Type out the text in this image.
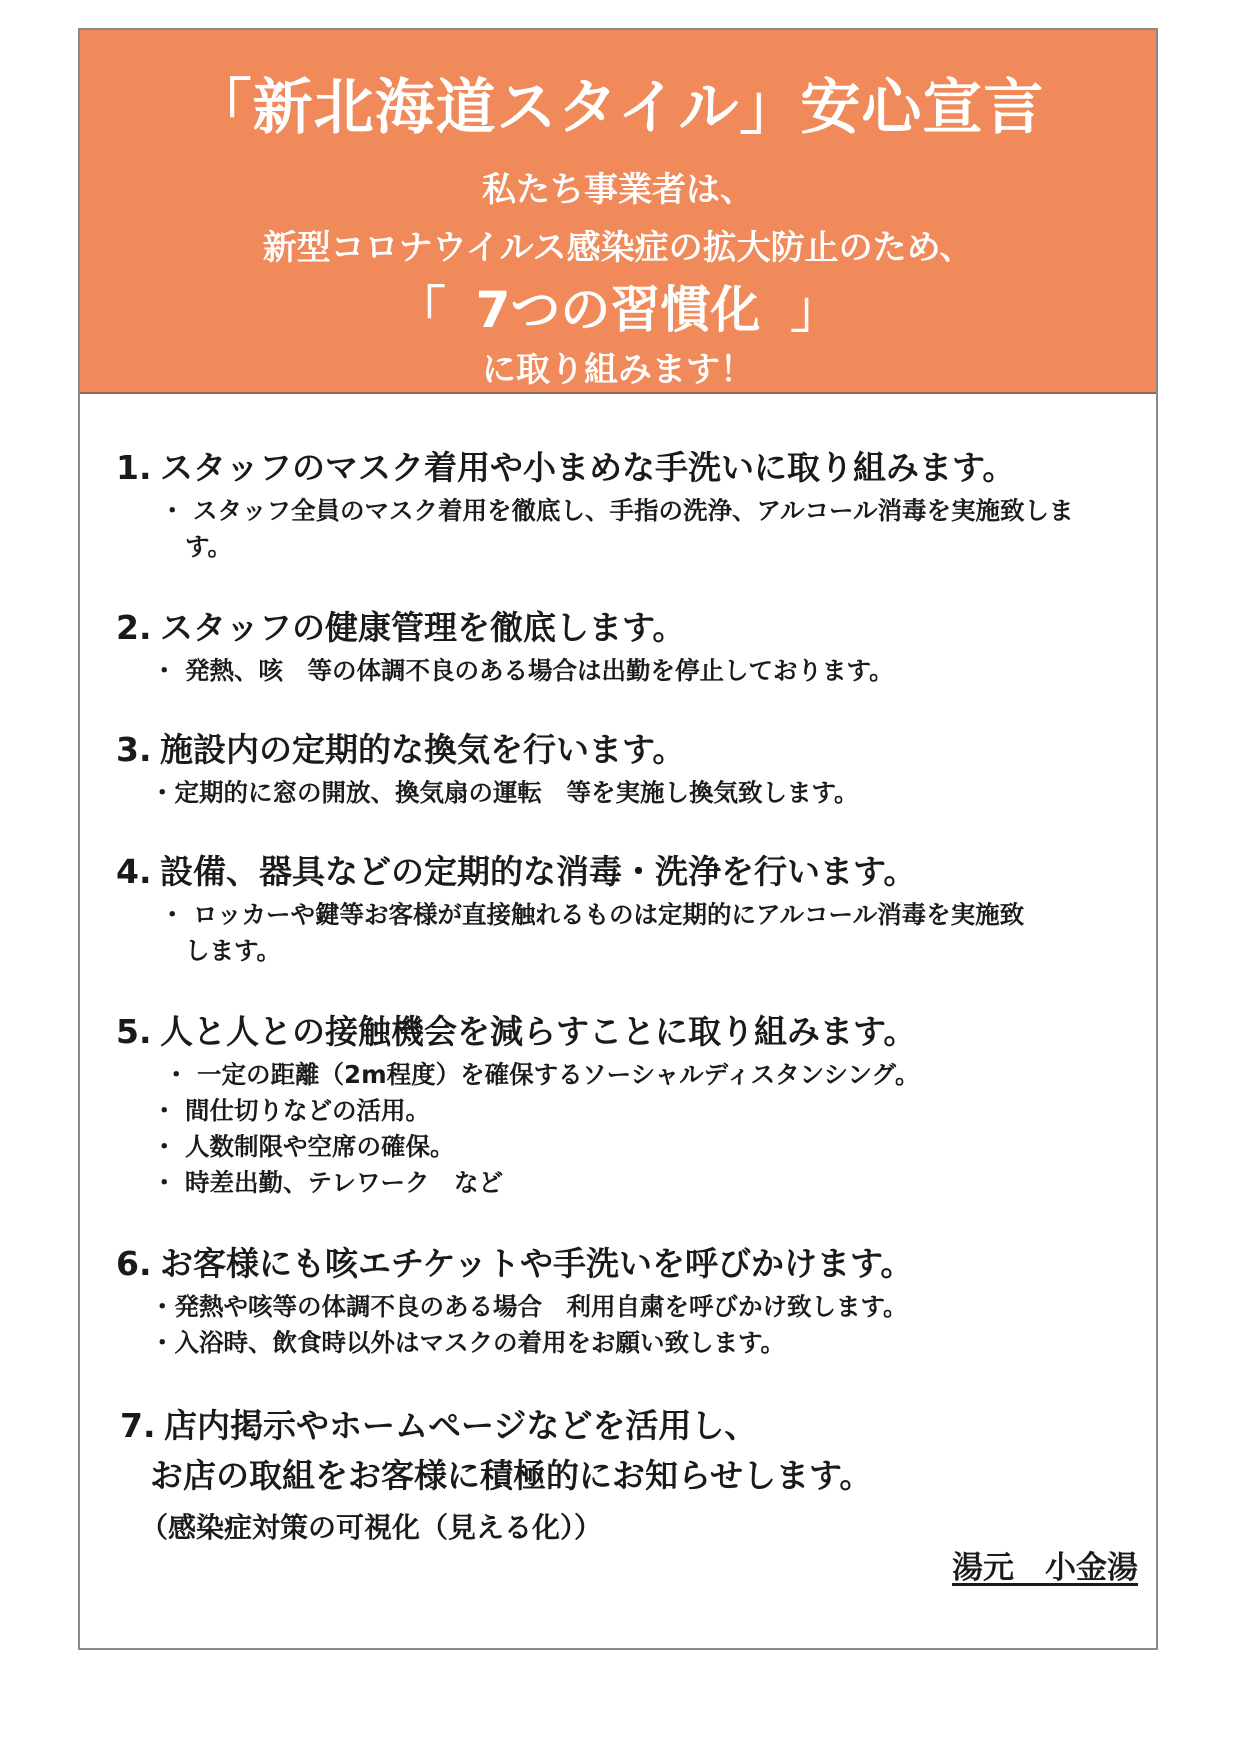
「新北海道スタイル」安心宣言
私たち事業者は、
新型コロナウイルス感染症の拡大防止のため、
「 7つの習慣化 」
に取り組みます！
1. スタッフのマスク着用や小まめな手洗いに取り組みます。
・ スタッフ全員のマスク着用を徹底し、手指の洗浄、アルコール消毒を実施致しま
す。
2. スタッフの健康管理を徹底します。
・ 発熱、咳　等の体調不良のある場合は出勤を停止しております。
3. 施設内の定期的な換気を行います。
・定期的に窓の開放、換気扇の運転　等を実施し換気致します。
4. 設備、器具などの定期的な消毒・洗浄を行います。
・ ロッカーや鍵等お客様が直接触れるものは定期的にアルコール消毒を実施致
します。
5. 人と人との接触機会を減らすことに取り組みます。
・ 一定の距離（2m程度）を確保するソーシャルディスタンシング。
・ 間仕切りなどの活用。
・ 人数制限や空席の確保。
・ 時差出勤、テレワーク　など
6. お客様にも咳エチケットや手洗いを呼びかけます。
・発熱や咳等の体調不良のある場合　利用自粛を呼びかけ致します。
・入浴時、飲食時以外はマスクの着用をお願い致します。
7. 店内掲示やホームページなどを活用し、
お店の取組をお客様に積極的にお知らせします。
（感染症対策の可視化（見える化））
湯元　小金湯
